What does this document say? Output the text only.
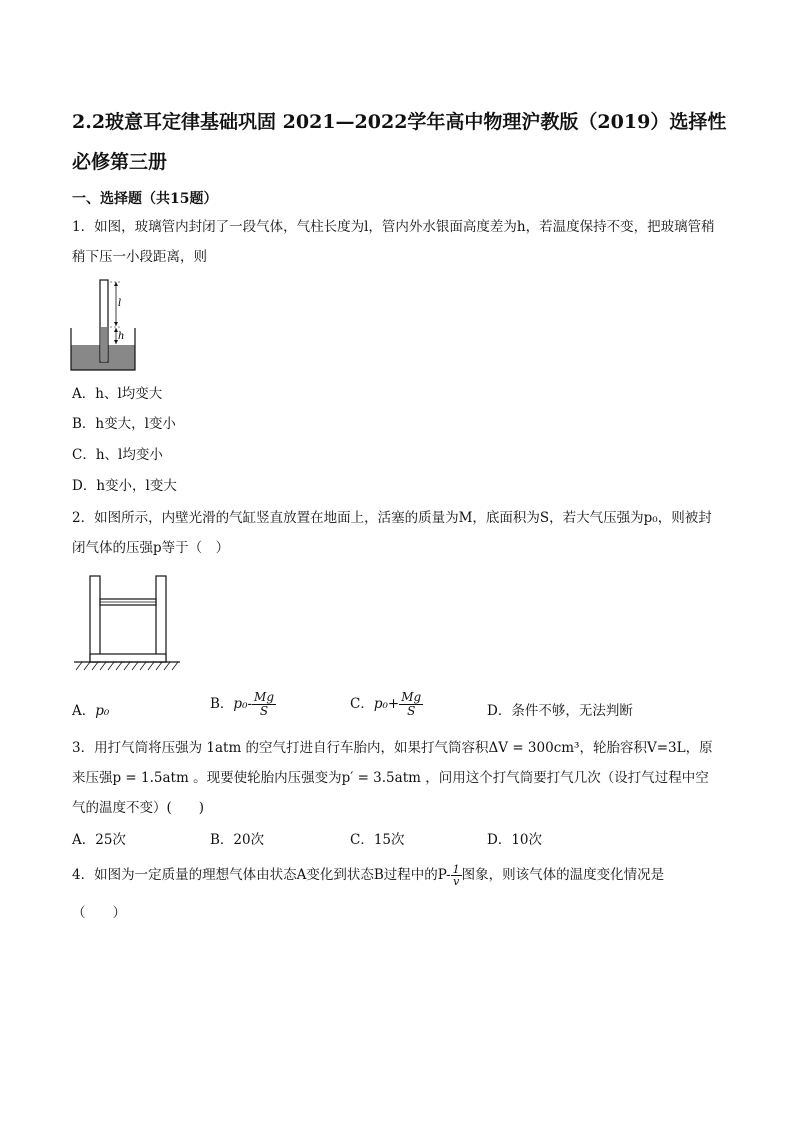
2.2玻意耳定律基础巩固 2021—2022学年高中物理沪教版（2019）选择性必修第三册
一、选择题（共15题）
1．如图，玻璃管内封闭了一段气体，气柱长度为l，管内外水银面高度差为h，若温度保持不变，把玻璃管稍稍下压一小段距离，则
l
h
A．h、l均变大
B．h变大，l变小
C．h、l均变小
D．h变小，l变大
2．如图所示，内壁光滑的气缸竖直放置在地面上，活塞的质量为M，底面积为S，若大气压强为p₀，则被封闭气体的压强p等于（　）
A．p₀	B．$p_0- \frac{Mg}{S}$	C．$p_0+ \frac{Mg}{S}$	D．条件不够，无法判断
3．用打气筒将压强为 1atm 的空气打进自行车胎内，如果打气筒容积ΔV = 300cm³，轮胎容积V=3L，原来压强p = 1.5atm 。现要使轮胎内压强变为p′ = 3.5atm ，问用这个打气筒要打气几次（设打气过程中空气的温度不变）(　　)
A．25次	B．20次	C．15次	D．10次
4．如图为一定质量的理想气体由状态A变化到状态B过程中的$P- \frac{1}{v}$ 图象，则该气体的温度变化情况是
（　　）
